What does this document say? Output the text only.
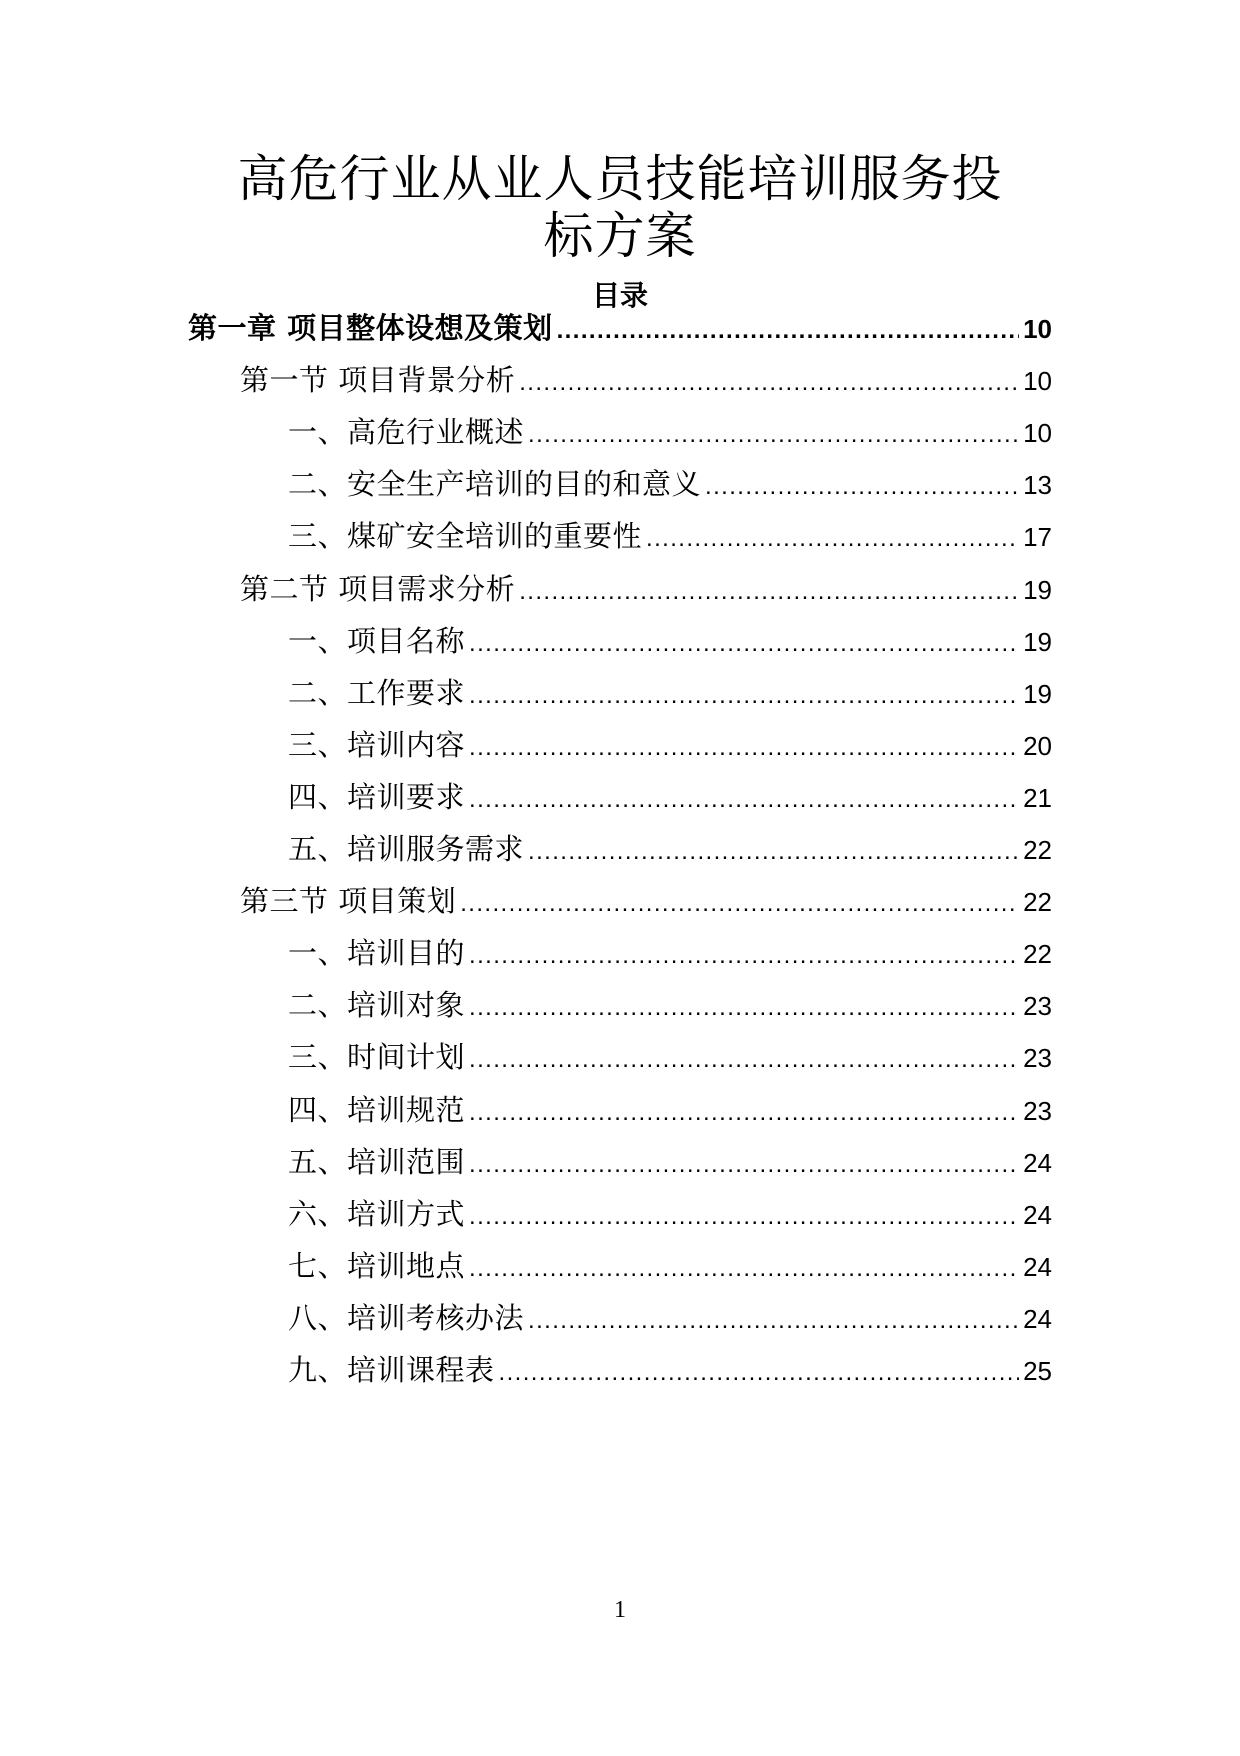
高危行业从业人员技能培训服务投
标方案
目录
第一章 项目整体设想及策划 .....	10
第一节 项目背景分析 .....	10
一、高危行业概述 .....	10
二、安全生产培训的目的和意义 .....	13
三、煤矿安全培训的重要性 .....	17
第二节 项目需求分析 .....	19
一、项目名称 .....	19
二、工作要求 .....	19
三、培训内容 .....	20
四、培训要求 .....	21
五、培训服务需求 .....	22
第三节 项目策划 .....	22
一、培训目的 .....	22
二、培训对象 .....	23
三、时间计划 .....	23
四、培训规范 .....	23
五、培训范围 .....	24
六、培训方式 .....	24
七、培训地点 .....	24
八、培训考核办法 .....	24
九、培训课程表 .....	25
1
